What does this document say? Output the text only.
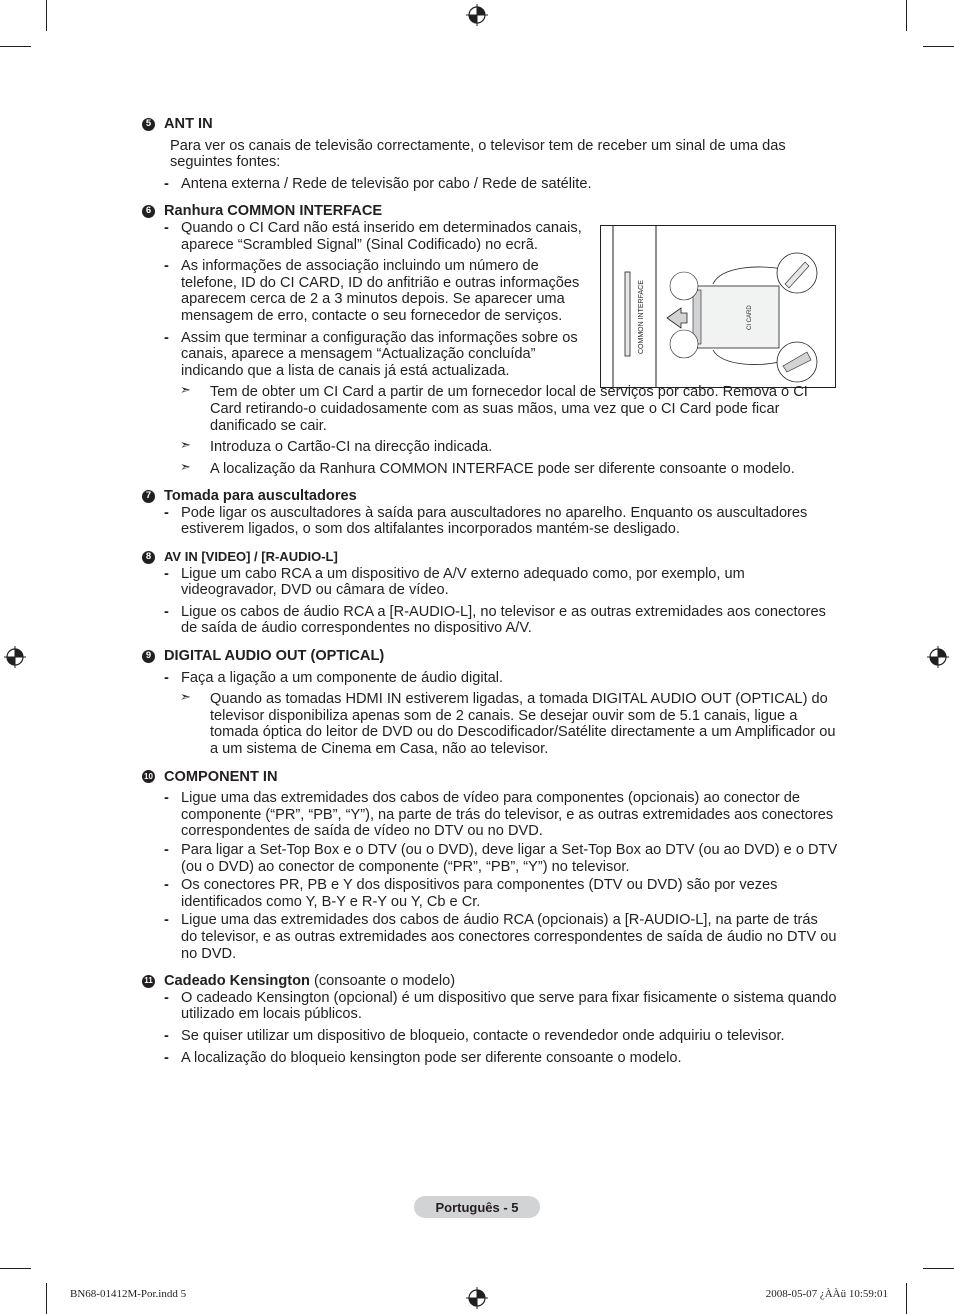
COMMON INTERFACE	CI CARD
5 ANT IN
Para ver os canais de televisão correctamente, o televisor tem de receber um sinal de uma das seguintes fontes:
- Antena externa / Rede de televisão por cabo / Rede de satélite.
6 Ranhura COMMON INTERFACE
- Quando o CI Card não está inserido em determinados canais, aparece “Scrambled Signal” (Sinal Codificado) no ecrã.
- As informações de associação incluindo um número de telefone, ID do CI CARD, ID do anfitrião e outras informações aparecem cerca de 2 a 3 minutos depois. Se aparecer uma mensagem de erro, contacte o seu fornecedor de serviços.
- Assim que terminar a configuração das informações sobre os canais, aparece a mensagem “Actualização concluída” indicando que a lista de canais já está actualizada.
➣ Tem de obter um CI Card a partir de um fornecedor local de serviços por cabo. Remova o CI Card retirando-o cuidadosamente com as suas mãos, uma vez que o CI Card pode ficar danificado se cair.
➣ Introduza o Cartão-CI na direcção indicada.
➣ A localização da Ranhura COMMON INTERFACE pode ser diferente consoante o modelo.
7 Tomada para auscultadores
- Pode ligar os auscultadores à saída para auscultadores no aparelho. Enquanto os auscultadores estiverem ligados, o som dos altifalantes incorporados mantém-se desligado.
8 AV IN [VIDEO] / [R-AUDIO-L]
- Ligue um cabo RCA a um dispositivo de A/V externo adequado como, por exemplo, um videogravador, DVD ou câmara de vídeo.
- Ligue os cabos de áudio RCA a [R-AUDIO-L], no televisor e as outras extremidades aos conectores de saída de áudio correspondentes no dispositivo A/V.
9 DIGITAL AUDIO OUT (OPTICAL)
- Faça a ligação a um componente de áudio digital.
➣ Quando as tomadas HDMI IN estiverem ligadas, a tomada DIGITAL AUDIO OUT (OPTICAL) do televisor disponibiliza apenas som de 2 canais. Se desejar ouvir som de 5.1 canais, ligue a tomada óptica do leitor de DVD ou do Descodificador/Satélite directamente a um Amplificador ou a um sistema de Cinema em Casa, não ao televisor.
10 COMPONENT IN
- Ligue uma das extremidades dos cabos de vídeo para componentes (opcionais) ao conector de componente (“PR”, “PB”, “Y”), na parte de trás do televisor, e as outras extremidades aos conectores correspondentes de saída de vídeo no DTV ou no DVD.
- Para ligar a Set-Top Box e o DTV (ou o DVD), deve ligar a Set-Top Box ao DTV (ou ao DVD) e o DTV (ou o DVD) ao conector de componente (“PR”, “PB”, “Y”) no televisor.
- Os conectores PR, PB e Y dos dispositivos para componentes (DTV ou DVD) são por vezes identificados como Y, B-Y e R-Y ou Y, Cb e Cr.
- Ligue uma das extremidades dos cabos de áudio RCA (opcionais) a [R-AUDIO-L], na parte de trás do televisor, e as outras extremidades aos conectores correspondentes de saída de áudio no DTV ou no DVD.
11 Cadeado Kensington (consoante o modelo)
- O cadeado Kensington (opcional) é um dispositivo que serve para fixar fisicamente o sistema quando utilizado em locais públicos.
- Se quiser utilizar um dispositivo de bloqueio, contacte o revendedor onde adquiriu o televisor.
- A localização do bloqueio kensington pode ser diferente consoante o modelo.
Português - 5
BN68-01412M-Por.indd 5	2008-05-07 ¿ÀÀü 10:59:01
